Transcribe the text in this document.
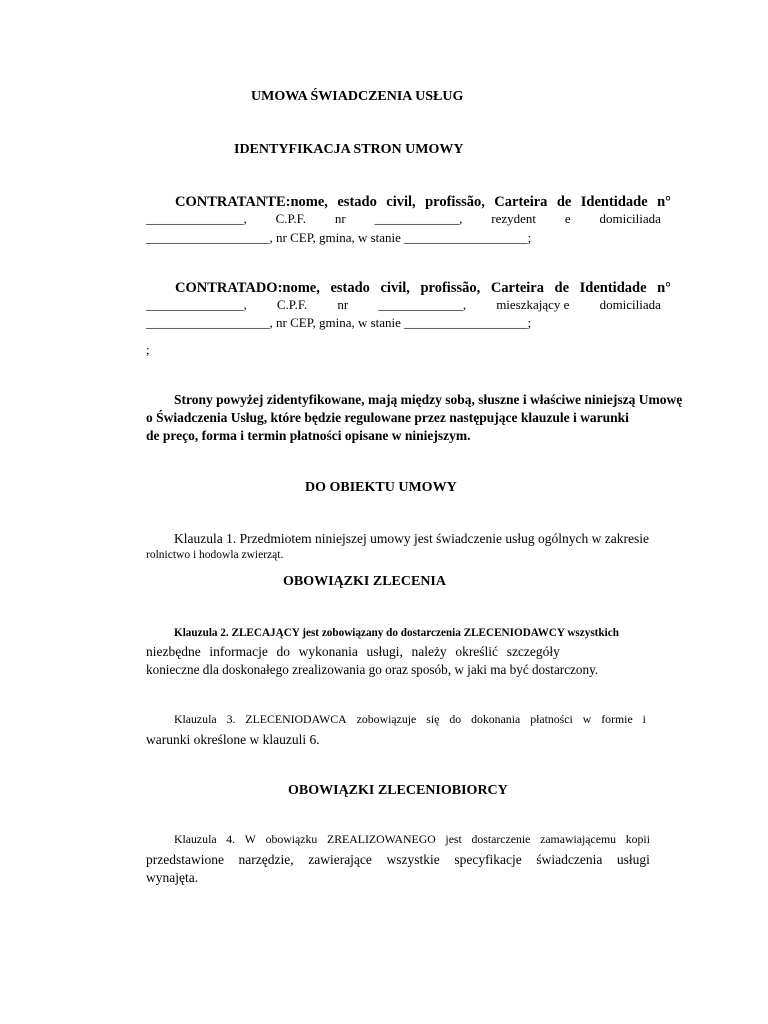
UMOWA ŚWIADCZENIA USŁUG
IDENTYFIKACJA STRON UMOWY
CONTRATANTE:nome, estado civil, profissão, Carteira de Identidade n°
_______________, C.P.F. nr _____________, rezydent e domiciliada
___________________, nr CEP, gmina, w stanie ___________________;
CONTRATADO:nome, estado civil, profissão, Carteira de Identidade n°
_______________, C.P.F. nr _____________, mieszkający e domiciliada
___________________, nr CEP, gmina, w stanie ___________________;
;
Strony powyżej zidentyfikowane, mają między sobą, słuszne i właściwe niniejszą Umowę
o Świadczenia Usług, które będzie regulowane przez następujące klauzule i warunki
de preço, forma i termin płatności opisane w niniejszym.
DO OBIEKTU UMOWY
Klauzula 1. Przedmiotem niniejszej umowy jest świadczenie usług ogólnych w zakresie
rolnictwo i hodowla zwierząt.
OBOWIĄZKI ZLECENIA
Klauzula 2. ZLECAJĄCY jest zobowiązany do dostarczenia ZLECENIODAWCY wszystkich
niezbędne informacje do wykonania usługi, należy określić szczegóły
konieczne dla doskonałego zrealizowania go oraz sposób, w jaki ma być dostarczony.
Klauzula 3. ZLECENIODAWCA zobowiązuje się do dokonania płatności w formie i
warunki określone w klauzuli 6.
OBOWIĄZKI ZLECENIOBIORCY
Klauzula 4. W obowiązku ZREALIZOWANEGO jest dostarczenie zamawiającemu kopii
przedstawione narzędzie, zawierające wszystkie specyfikacje świadczenia usługi
wynajęta.
